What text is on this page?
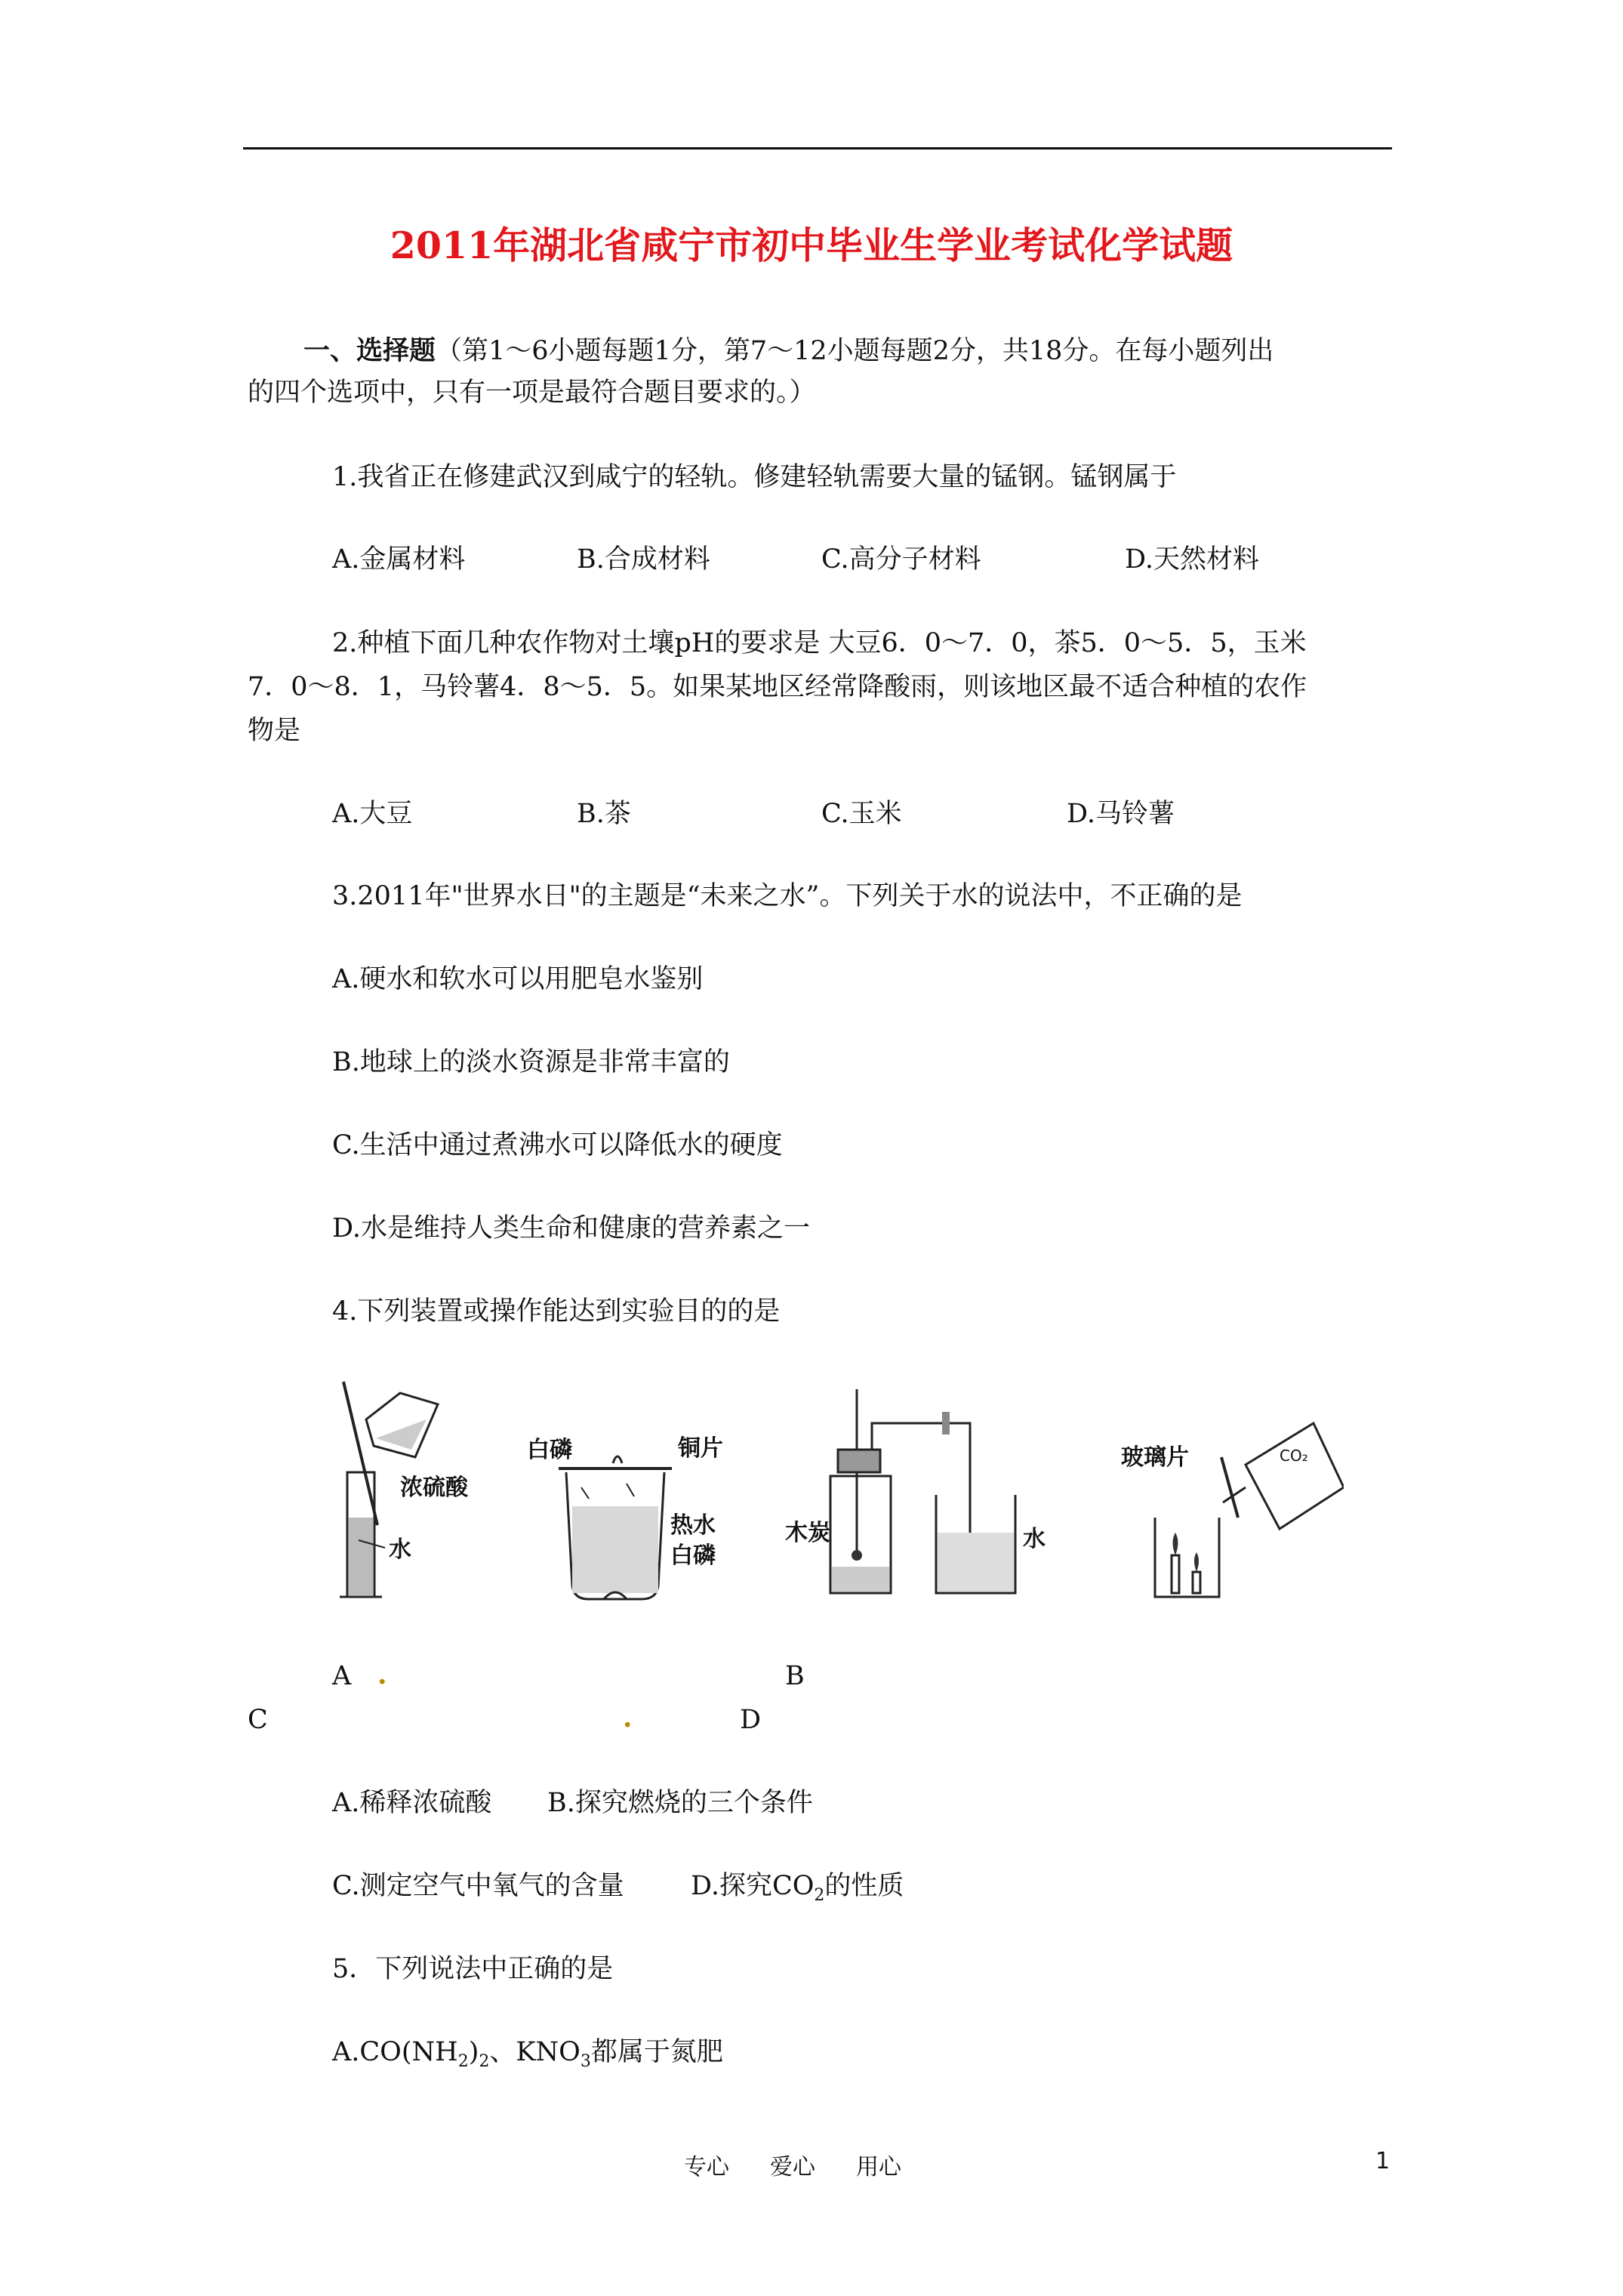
2011年湖北省咸宁市初中毕业生学业考试化学试题
一、选择题（第1～6小题每题1分，第7～12小题每题2分，共18分。在每小题列出
的四个选项中，只有一项是最符合题目要求的。）
1.我省正在修建武汉到咸宁的轻轨。修建轻轨需要大量的锰钢。锰钢属于
A.金属材料	B.合成材料	C.高分子材料	D.天然材料
2.种植下面几种农作物对土壤pH的要求是 大豆6．0～7．0，茶5．0～5．5，玉米
7．0～8．1，马铃薯4．8～5．5。如果某地区经常降酸雨，则该地区最不适合种植的农作
物是
A.大豆	B.茶	C.玉米	D.马铃薯
3.2011年"世界水日"的主题是“未来之水”。下列关于水的说法中，不正确的是
A.硬水和软水可以用肥皂水鉴别
B.地球上的淡水资源是非常丰富的
C.生活中通过煮沸水可以降低水的硬度
D.水是维持人类生命和健康的营养素之一
4.下列装置或操作能达到实验目的的是
浓硫酸
水
白磷	铜片
热水
白磷
木炭	水
玻璃片	CO₂
A .	B
C	.	D
A.稀释浓硫酸 B.探究燃烧的三个条件
C.测定空气中氧气的含量	D.探究$CO_2$的性质
5．下列说法中正确的是
$A.CO(NH_2)_2$、$KNO_3$都属于氮肥
专心 爱心 用心	1
